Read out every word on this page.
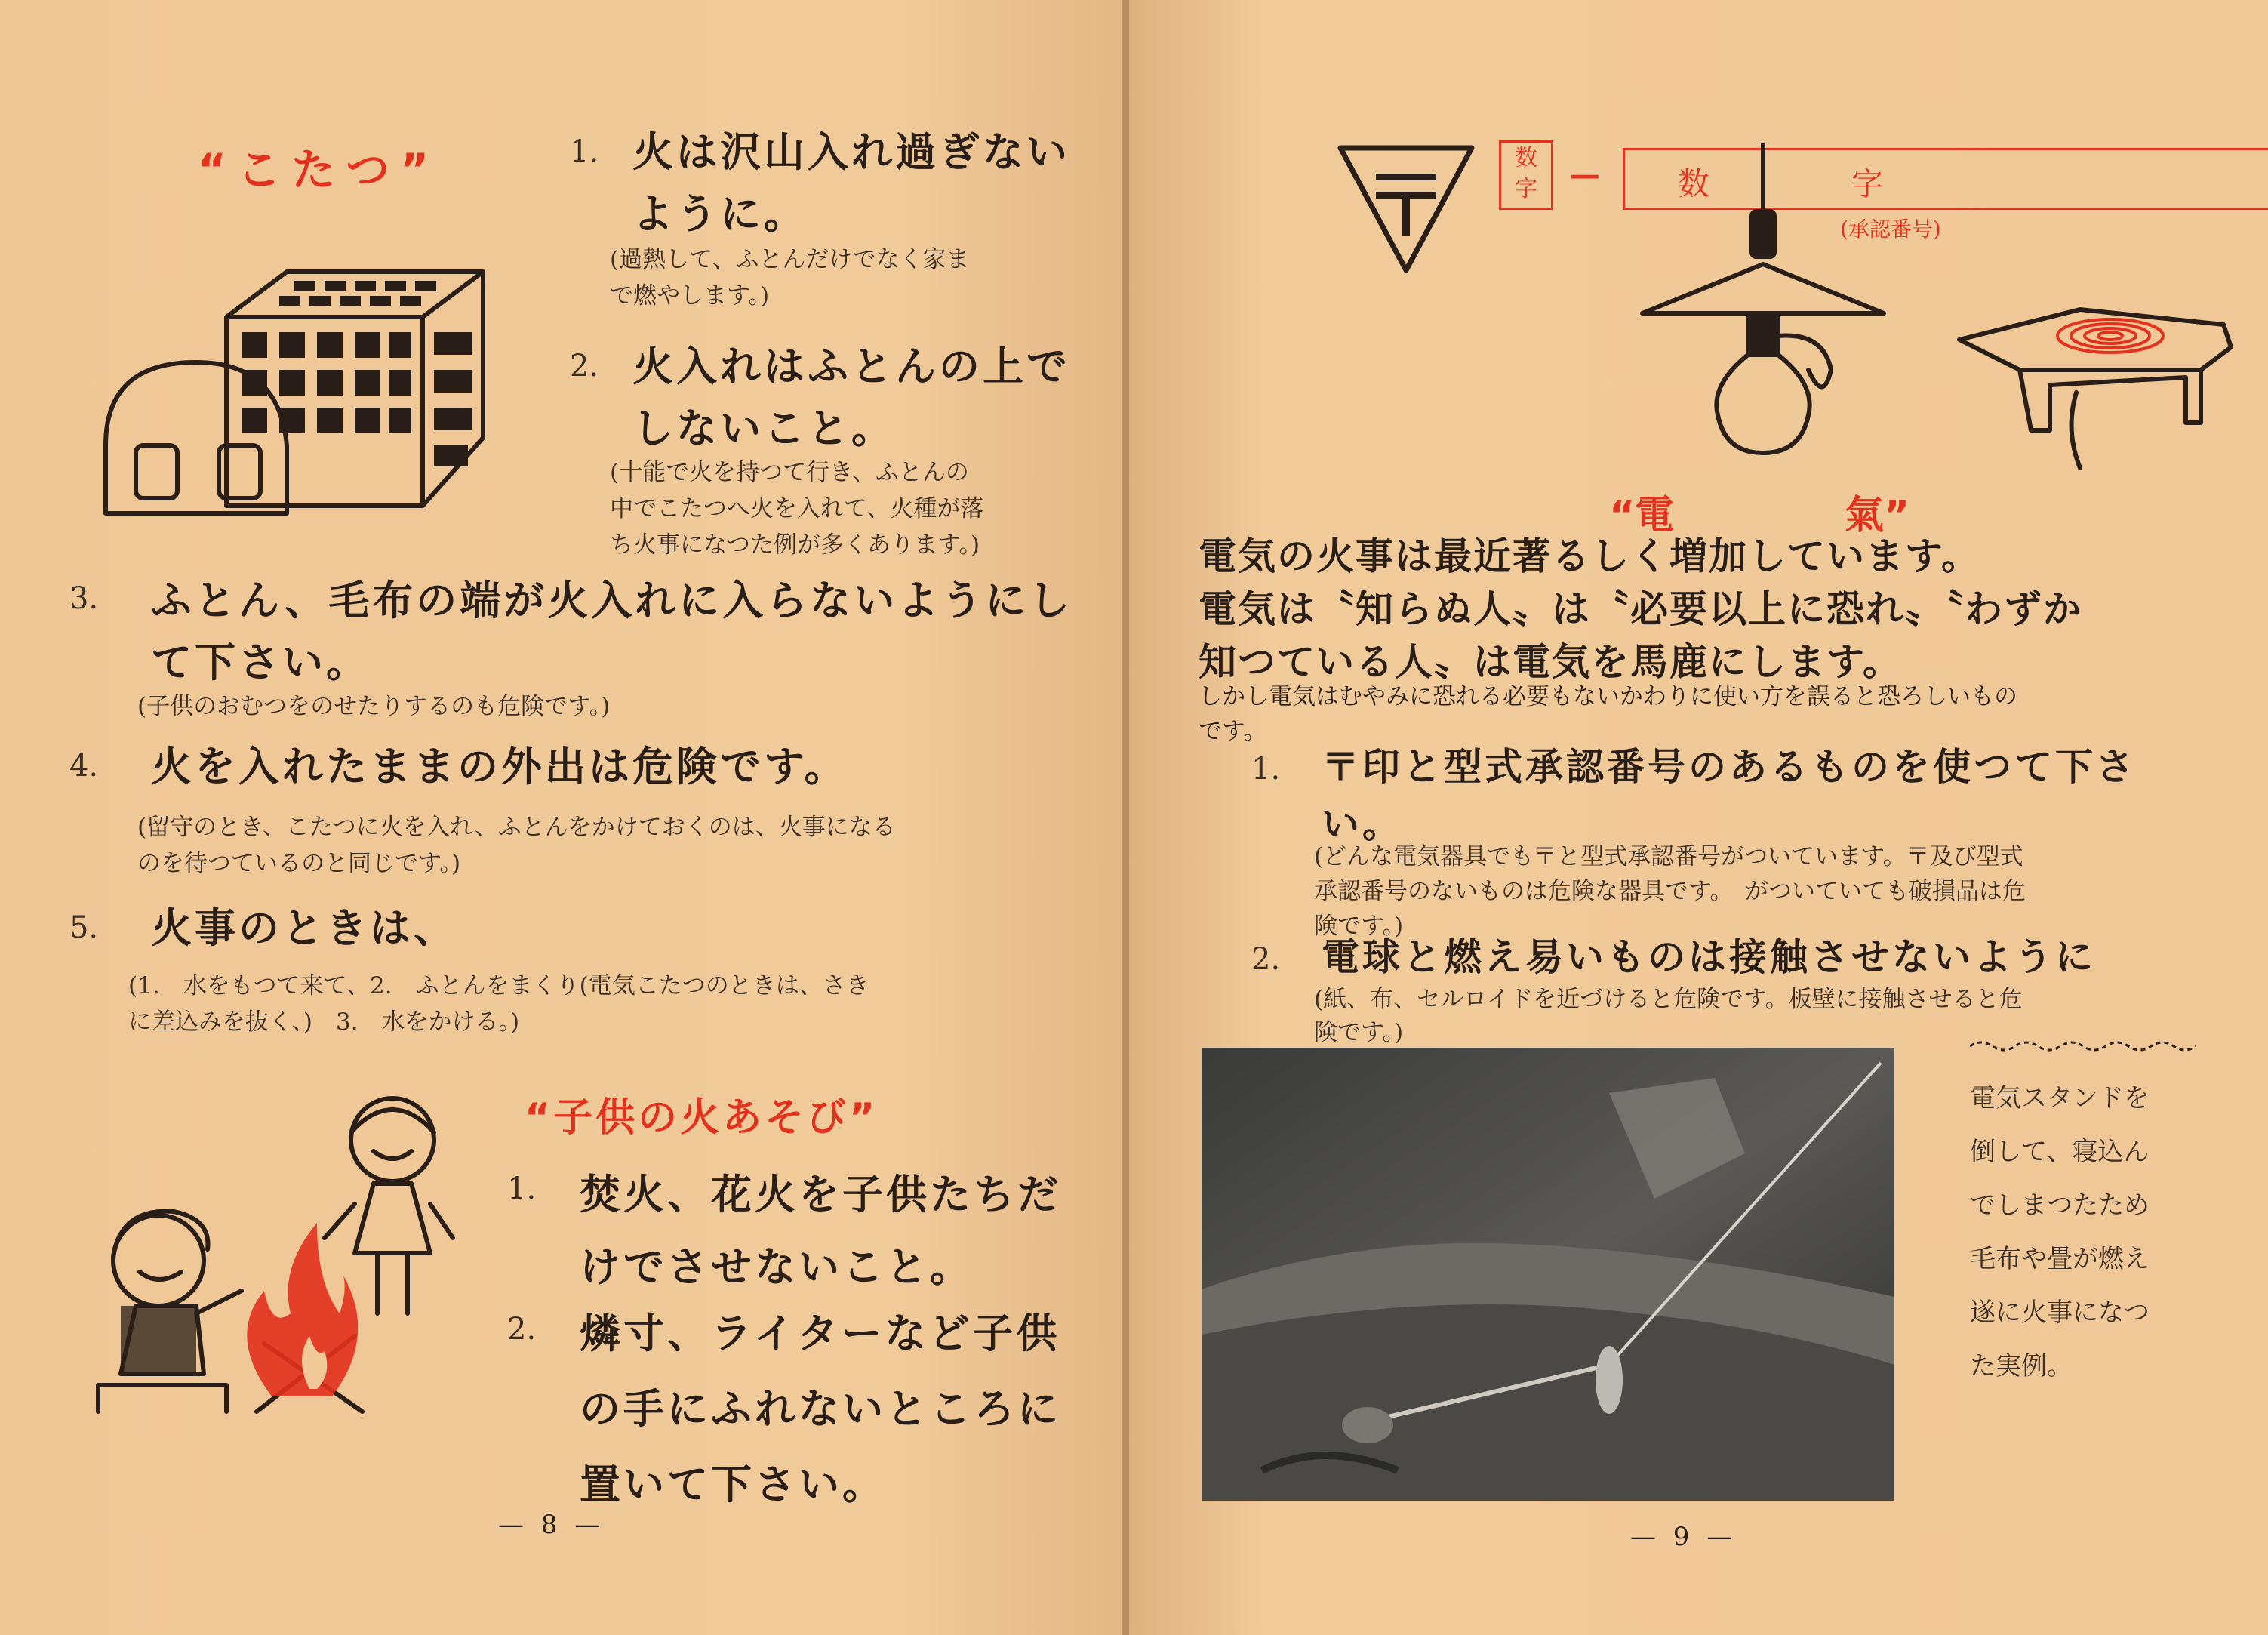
“こたつ”	1. 火は沢山入れ過ぎない
ように。
(過熱して、ふとんだけでなく家ま
で燃やします。)
2. 火入れはふとんの上で
しないこと。
(十能で火を持つて行き、ふとんの
中でこたつへ火を入れて、火種が落
ち火事になつた例が多くあります。)
3. ふとん、毛布の端が火入れに入らないようにし
て下さい。
(子供のおむつをのせたりするのも危険です。)
4. 火を入れたままの外出は危険です。
(留守のとき、こたつに火を入れ、ふとんをかけておくのは、火事になる
のを待つているのと同じです。)
5. 火事のときは、
(1.　水をもつて来て、2.　ふとんをまくり(電気こたつのときは、さき
に差込みを抜く、)　3.　水をかける。)
“子供の火あそび”
1. 焚火、花火を子供たちだ
けでさせないこと。
2. 燐寸、ライターなど子供
の手にふれないところに
置いて下さい。
— 8 —
数
字	— 数	字
(承認番号)
“電	氣”
電気の火事は最近著るしく増加しています。
電気は〝知らぬ人〟は〝必要以上に恐れ〟〝わずか
知つている人〟は電気を馬鹿にします。
しかし電気はむやみに恐れる必要もないかわりに使い方を誤ると恐ろしいもの
です。
1. 〒印と型式承認番号のあるものを使つて下さ
い。
(どんな電気器具でも〒と型式承認番号がついています。〒及び型式
承認番号のないものは危険な器具です。　がついていても破損品は危
険です。)
2. 電球と燃え易いものは接触させないように
(紙、布、セルロイドを近づけると危険です。板壁に接触させると危
険です。)
電気スタンドを
倒して、寝込ん
でしまつたため
毛布や畳が燃え
遂に火事になつ
た実例。
— 9 —
